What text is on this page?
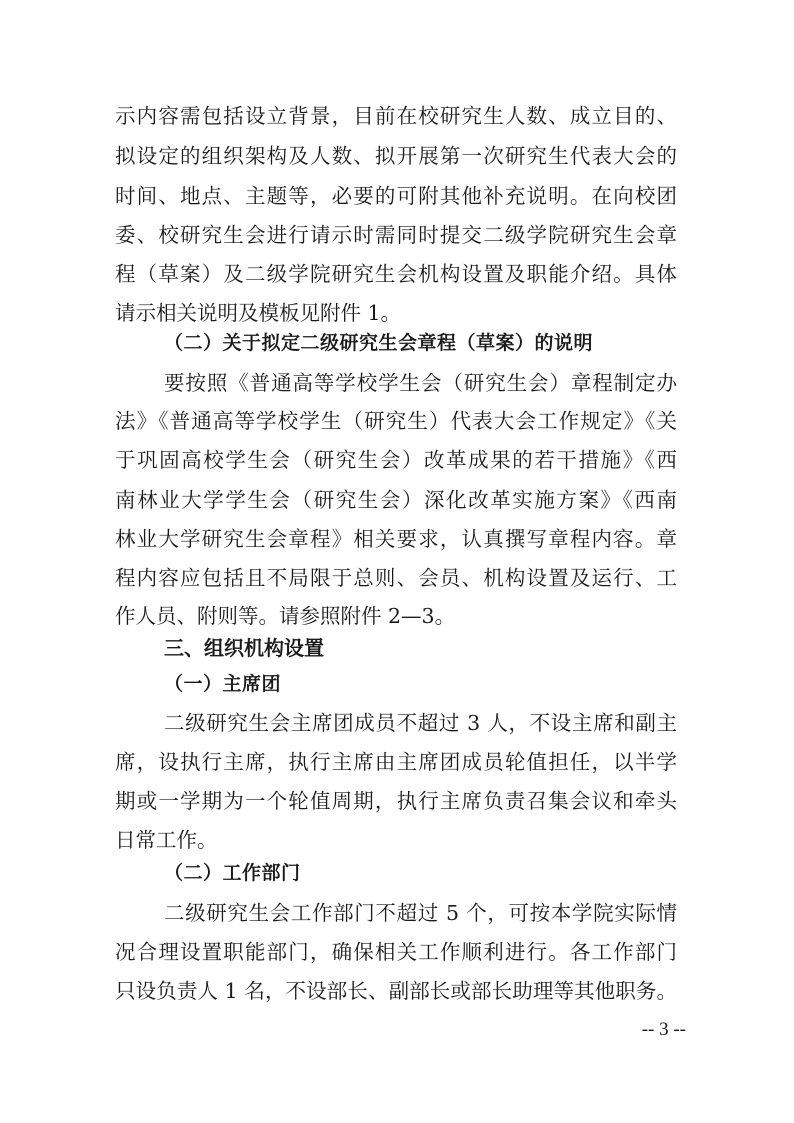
示内容需包括设立背景，目前在校研究生人数、成立目的、
拟设定的组织架构及人数、拟开展第一次研究生代表大会的
时间、地点、主题等，必要的可附其他补充说明。在向校团
委、校研究生会进行请示时需同时提交二级学院研究生会章
程（草案）及二级学院研究生会机构设置及职能介绍。具体
请示相关说明及模板见附件 1。
（二）关于拟定二级研究生会章程（草案）的说明
要按照《普通高等学校学生会（研究生会）章程制定办
法》《普通高等学校学生（研究生）代表大会工作规定》《关
于巩固高校学生会（研究生会）改革成果的若干措施》《西
南林业大学学生会（研究生会）深化改革实施方案》《西南
林业大学研究生会章程》相关要求，认真撰写章程内容。章
程内容应包括且不局限于总则、会员、机构设置及运行、工
作人员、附则等。请参照附件 2—3。
三、组织机构设置
（一）主席团
二级研究生会主席团成员不超过 3 人，不设主席和副主
席，设执行主席，执行主席由主席团成员轮值担任，以半学
期或一学期为一个轮值周期，执行主席负责召集会议和牵头
日常工作。
（二）工作部门
二级研究生会工作部门不超过 5 个，可按本学院实际情
况合理设置职能部门，确保相关工作顺利进行。各工作部门
只设负责人 1 名，不设部长、副部长或部长助理等其他职务。
-- 3 --
